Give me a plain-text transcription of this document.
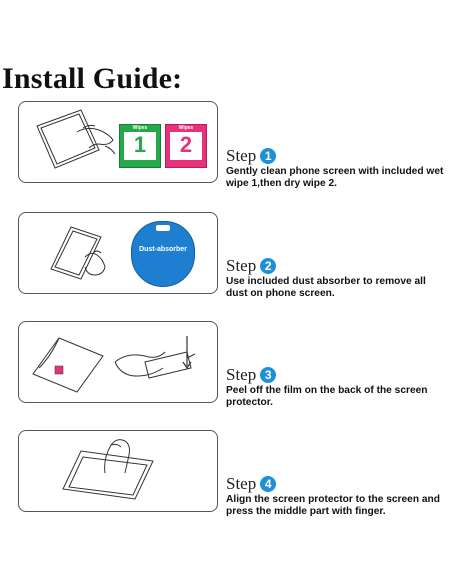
Install Guide:
Wipes
1
Wipes
2	Step 1
Gently clean phone screen with included wet wipe 1,then dry wipe 2.
Dust-absorber
Step 2
Use included dust absorber to remove all dust on phone screen.
Step 3
Peel off the film on the back of the screen protector.
Step 4
Align the screen protector to the screen and press the middle part with finger.
